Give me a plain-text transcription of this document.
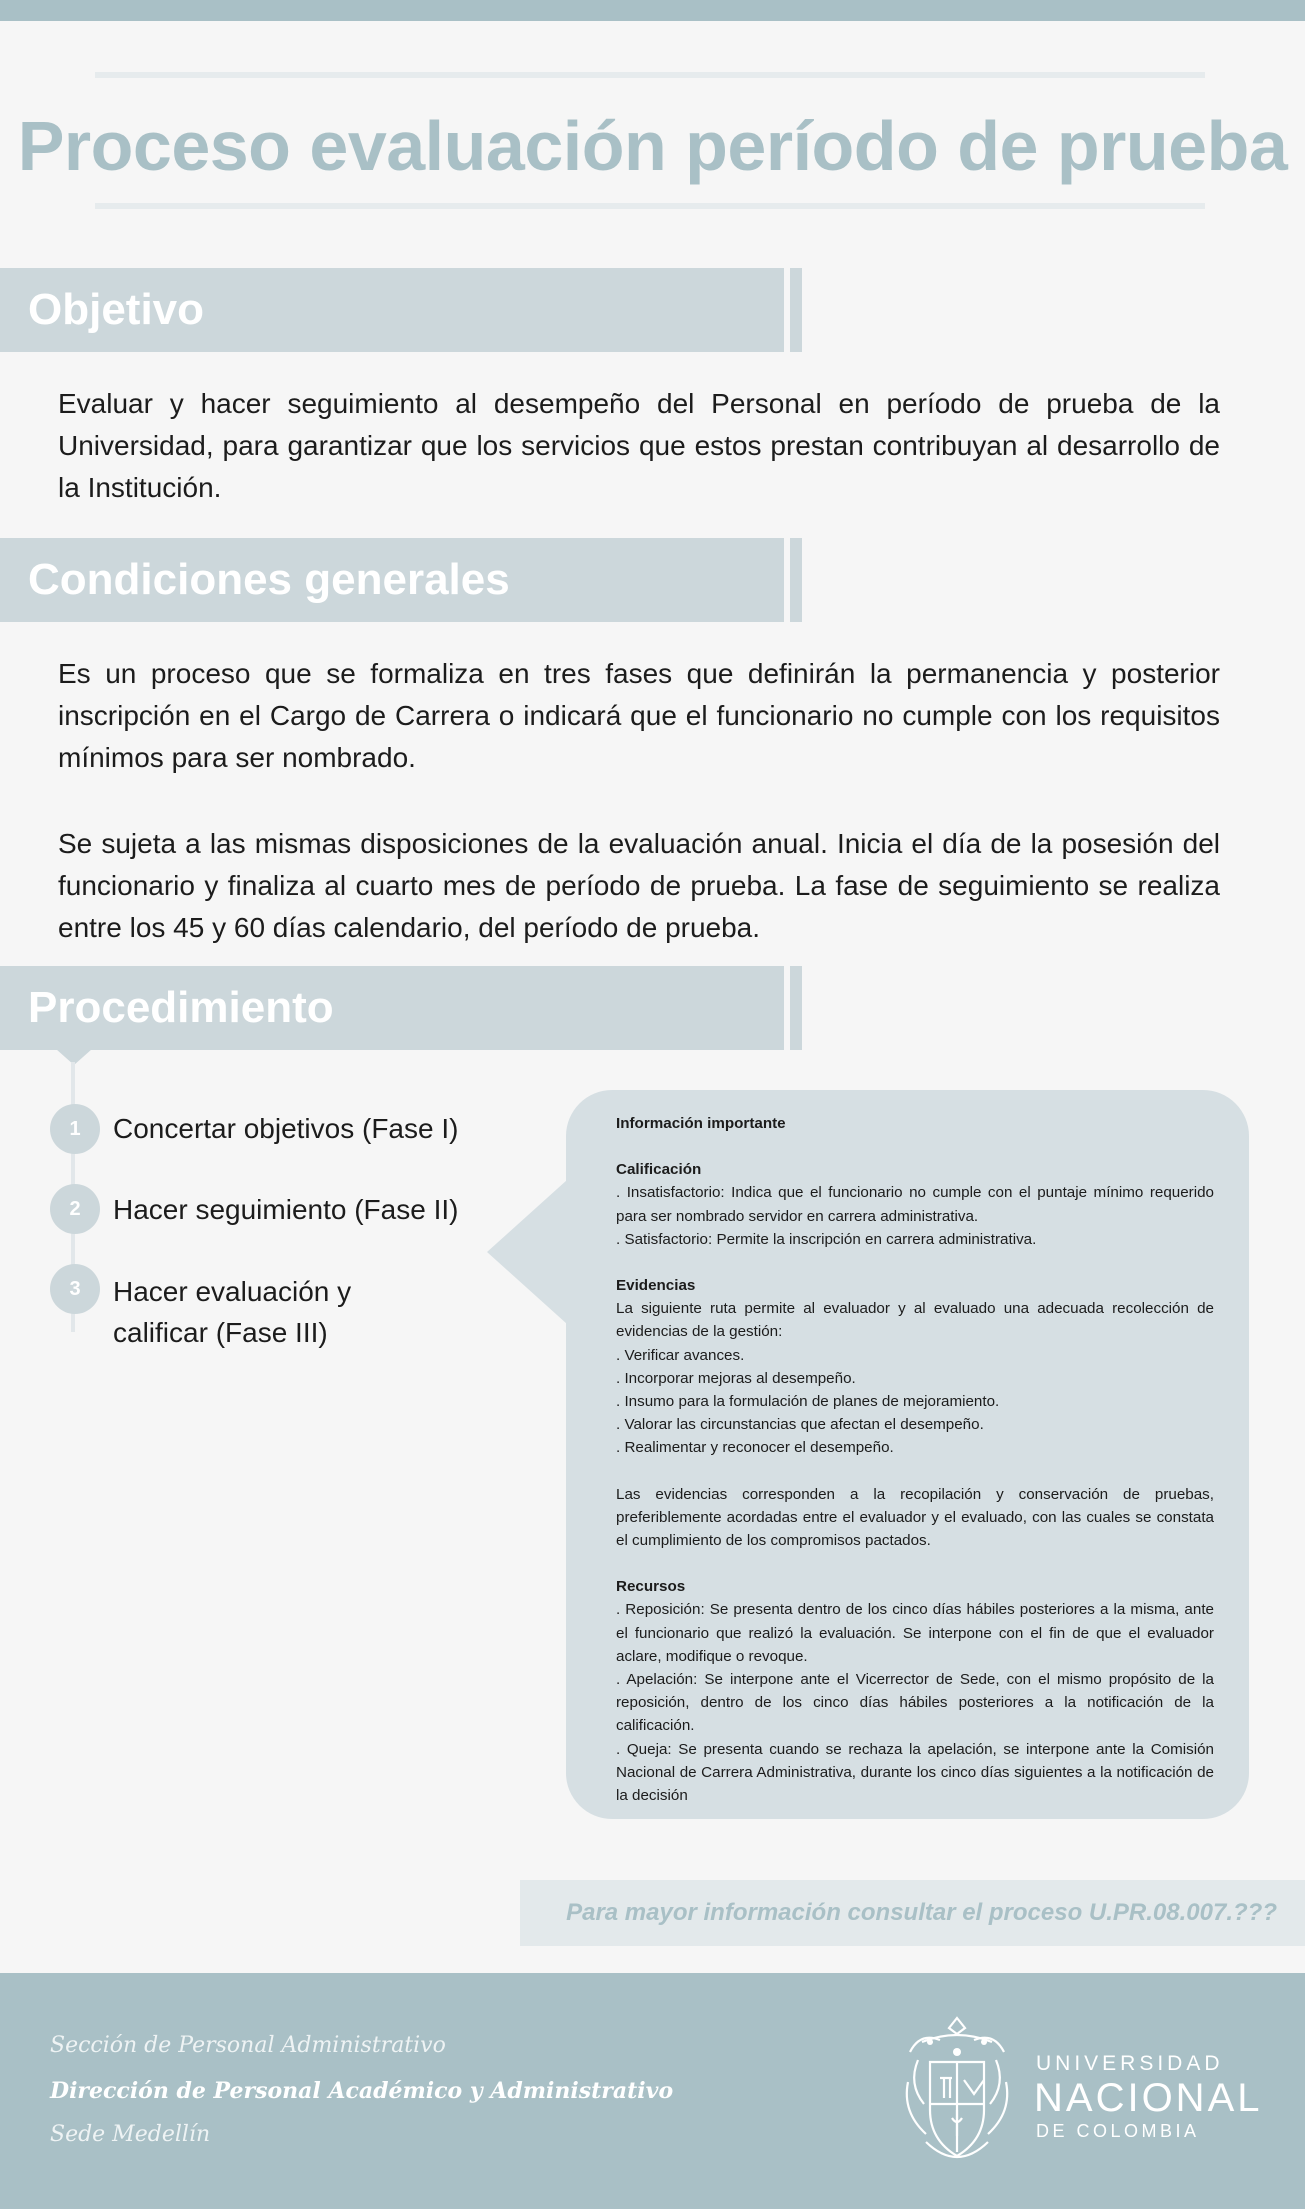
Proceso evaluación período de prueba
Objetivo

Evaluar y hacer seguimiento al desempeño del Personal en período de prueba de la Universidad, para garantizar que los servicios que estos prestan contribuyan al desarrollo de la Institución.

Condiciones generales

Es un proceso que se formaliza en tres fases que definirán la permanencia y posterior inscripción en el Cargo de Carrera o indicará que el funcionario no cumple con los requisitos mínimos para ser nombrado.

Se sujeta a las mismas disposiciones de la evaluación anual. Inicia el día de la posesión del funcionario y finaliza al cuarto mes de período de prueba. La fase de seguimiento se realiza entre los 45 y 60 días calendario, del período de prueba.

Procedimiento
1	Concertar objetivos (Fase I)
2	Hacer seguimiento (Fase II)
3	Hacer evaluación y
calificar (Fase III)

Información importante

Calificación

. Insatisfactorio: Indica que el funcionario no cumple con el puntaje mínimo requerido para ser nombrado servidor en carrera administrativa.

. Satisfactorio: Permite la inscripción en carrera administrativa.

Evidencias

La siguiente ruta permite al evaluador y al evaluado una adecuada recolección de evidencias de la gestión:

. Verificar avances.

. Incorporar mejoras al desempeño.

. Insumo para la formulación de planes de mejoramiento.

. Valorar las circunstancias que afectan el desempeño.

. Realimentar y reconocer el desempeño.

Las evidencias corresponden a la recopilación y conservación de pruebas, preferiblemente acordadas entre el evaluador y el evaluado, con las cuales se constata el cumplimiento de los compromisos pactados.

Recursos

. Reposición: Se presenta dentro de los cinco días hábiles posteriores a la misma, ante el funcionario que realizó la evaluación. Se interpone con el fin de que el evaluador aclare, modifique o revoque.

. Apelación: Se interpone ante el Vicerrector de Sede, con el mismo propósito de la reposición, dentro de los cinco días hábiles posteriores a la notificación de la calificación.

. Queja: Se presenta cuando se rechaza la apelación, se interpone ante la Comisión Nacional de Carrera Administrativa, durante los cinco días siguientes a la notificación de la decisión

Para mayor información consultar el proceso U.PR.08.007.???
Sección de Personal Administrativo
Dirección de Personal Académico y Administrativo
Sede Medellín
UNIVERSIDAD
NACIONAL
DE COLOMBIA
